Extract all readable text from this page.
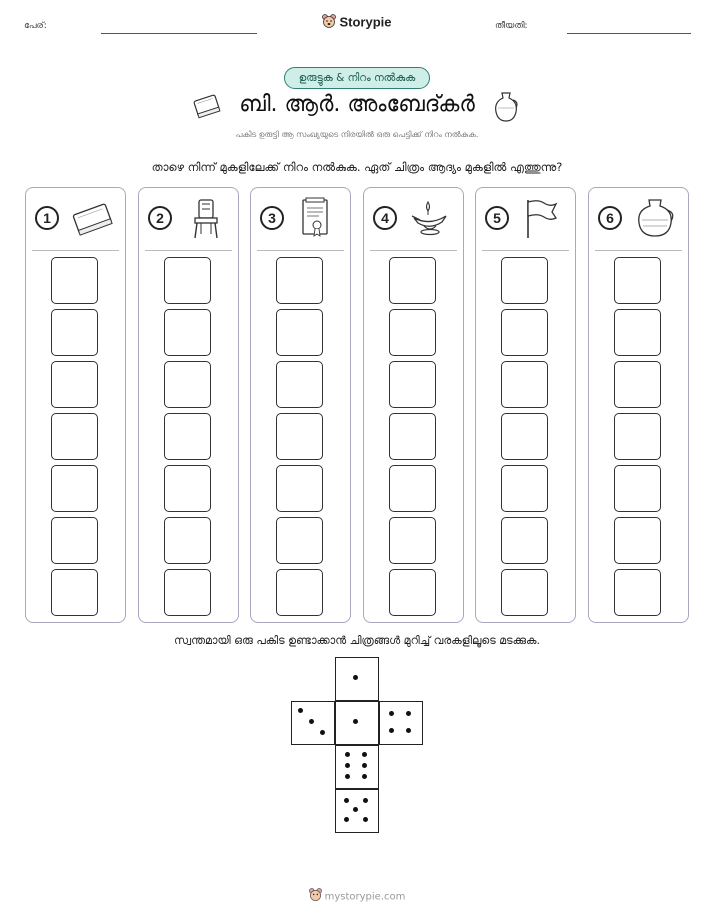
പേര്:	Storypie	തീയതി:
ഉരുട്ടുക & നിറം നൽകുക
ബി. ആർ. അംബേദ്കർ
പകിട ഉരുട്ടി ആ സംഖ്യയുടെ നിരയിൽ ഒരു പെട്ടിക്ക് നിറം നൽകുക.
താഴെ നിന്ന് മുകളിലേക്ക് നിറം നൽകുക. ഏത് ചിത്രം ആദ്യം മുകളിൽ എത്തുന്നു?
1	2	3	4	5	6
സ്വന്തമായി ഒരു പകിട ഉണ്ടാക്കാൻ ചിത്രങ്ങൾ മുറിച്ച് വരകളിലൂടെ മടക്കുക.
mystorypie.com
